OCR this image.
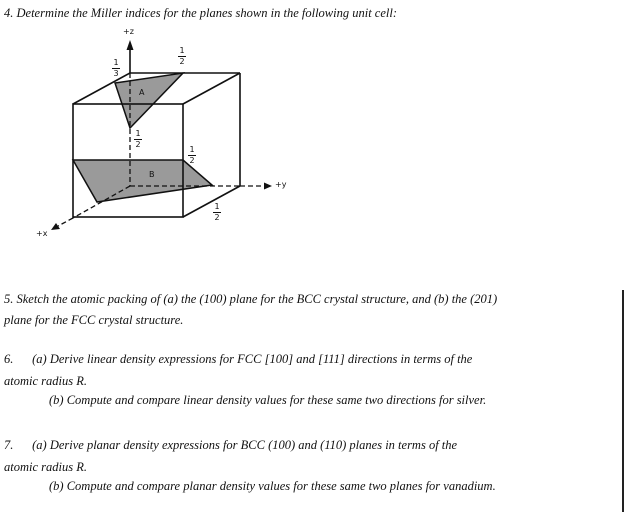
4. Determine the Miller indices for the planes shown in the following unit cell:
+z
+y
+x
A
B
1
3
1
2
1
2
1
2
1
2
5. Sketch the atomic packing of (a) the (100) plane for the BCC crystal structure, and (b) the (201)
plane for the FCC crystal structure.
6.      (a) Derive linear density expressions for FCC [100] and [111] directions in terms of the
atomic radius R.
(b) Compute and compare linear density values for these same two directions for silver.
7.      (a) Derive planar density expressions for BCC (100) and (110) planes in terms of the
atomic radius R.
(b) Compute and compare planar density values for these same two planes for vanadium.
